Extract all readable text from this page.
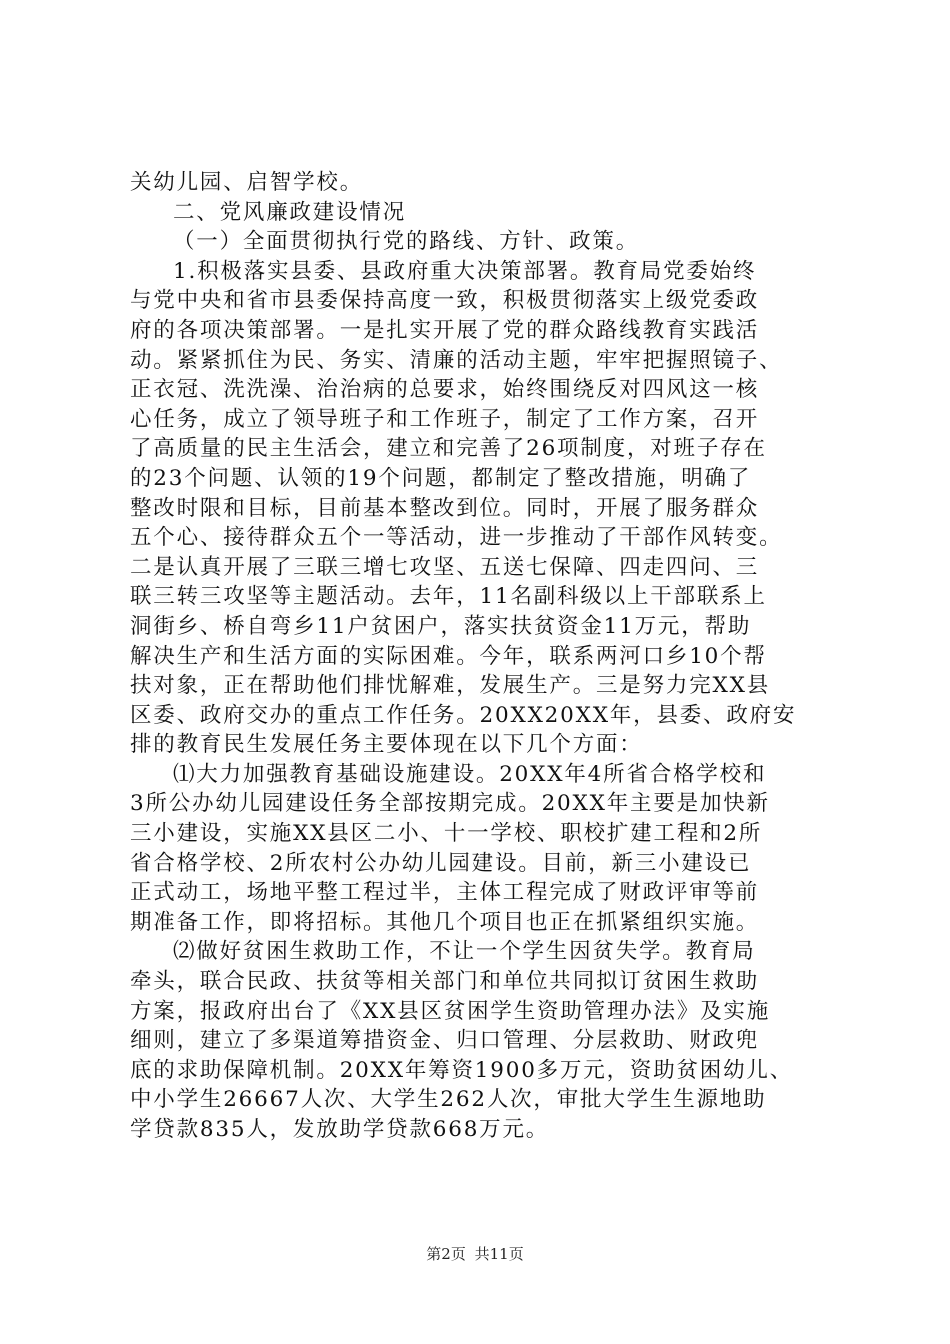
关幼儿园、启智学校。
二、党风廉政建设情况
（一）全面贯彻执行党的路线、方针、政策。
1.积极落实县委、县政府重大决策部署。教育局党委始终
与党中央和省市县委保持高度一致，积极贯彻落实上级党委政
府的各项决策部署。一是扎实开展了党的群众路线教育实践活
动。紧紧抓住为民、务实、清廉的活动主题，牢牢把握照镜子、
正衣冠、洗洗澡、治治病的总要求，始终围绕反对四风这一核
心任务，成立了领导班子和工作班子，制定了工作方案，召开
了高质量的民主生活会，建立和完善了26项制度，对班子存在
的23个问题、认领的19个问题，都制定了整改措施，明确了
整改时限和目标，目前基本整改到位。同时，开展了服务群众
五个心、接待群众五个一等活动，进一步推动了干部作风转变。
二是认真开展了三联三增七攻坚、五送七保障、四走四问、三
联三转三攻坚等主题活动。去年，11名副科级以上干部联系上
洞街乡、桥自弯乡11户贫困户，落实扶贫资金11万元，帮助
解决生产和生活方面的实际困难。今年，联系两河口乡10个帮
扶对象，正在帮助他们排忧解难，发展生产。三是努力完XX县
区委、政府交办的重点工作任务。20XX20XX年，县委、政府安
排的教育民生发展任务主要体现在以下几个方面：
⑴大力加强教育基础设施建设。20XX年4所省合格学校和
3所公办幼儿园建设任务全部按期完成。20XX年主要是加快新
三小建设，实施XX县区二小、十一学校、职校扩建工程和2所
省合格学校、2所农村公办幼儿园建设。目前，新三小建设已
正式动工，场地平整工程过半，主体工程完成了财政评审等前
期准备工作，即将招标。其他几个项目也正在抓紧组织实施。
⑵做好贫困生救助工作，不让一个学生因贫失学。教育局
牵头，联合民政、扶贫等相关部门和单位共同拟订贫困生救助
方案，报政府出台了《XX县区贫困学生资助管理办法》及实施
细则，建立了多渠道筹措资金、归口管理、分层救助、财政兜
底的求助保障机制。20XX年筹资1900多万元，资助贫困幼儿、
中小学生26667人次、大学生262人次，审批大学生生源地助
学贷款835人，发放助学贷款668万元。
第2页 共11页
